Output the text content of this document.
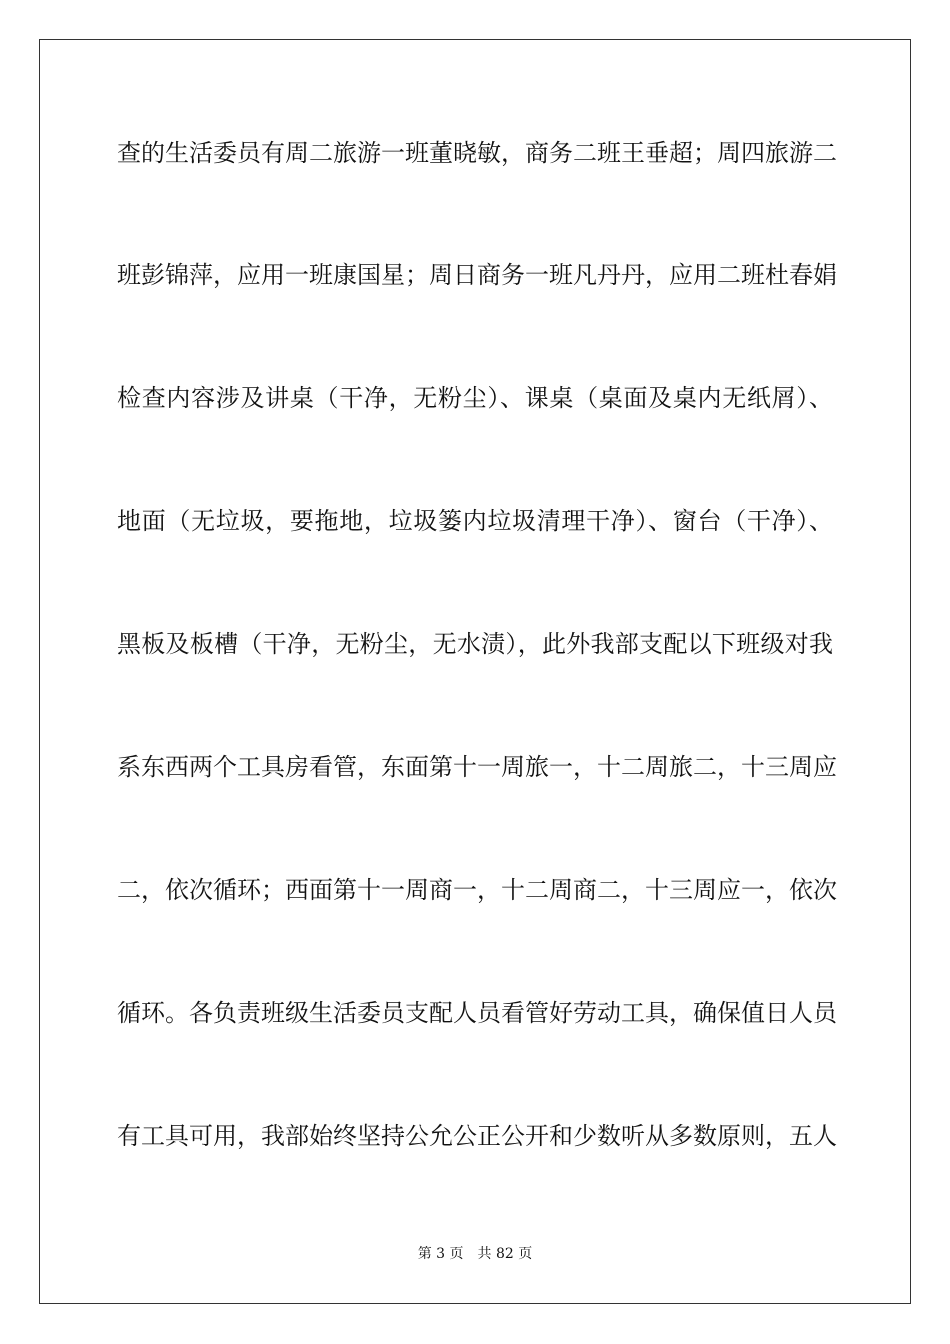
查的生活委员有周二旅游一班董晓敏，商务二班王垂超；周四旅游二
班彭锦萍，应用一班康国星；周日商务一班凡丹丹，应用二班杜春娟
检查内容涉及讲桌（干净，无粉尘）、课桌（桌面及桌内无纸屑）、
地面（无垃圾，要拖地，垃圾篓内垃圾清理干净）、窗台（干净）、
黑板及板槽（干净，无粉尘，无水渍），此外我部支配以下班级对我
系东西两个工具房看管，东面第十一周旅一，十二周旅二，十三周应
二，依次循环；西面第十一周商一，十二周商二，十三周应一，依次
循环。各负责班级生活委员支配人员看管好劳动工具，确保值日人员
有工具可用，我部始终坚持公允公正公开和少数听从多数原则，五人
第 3 页 共 82 页
